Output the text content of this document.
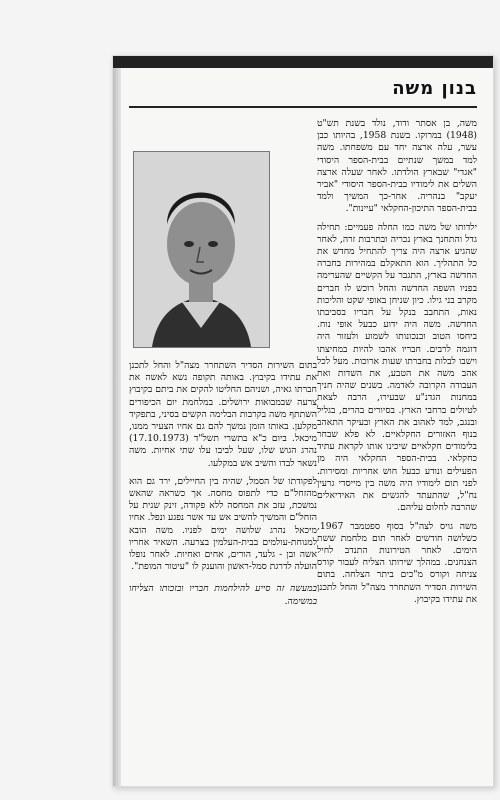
בנון משה

משה, בן אסתר ודוד, נולד בשנת תש"ט (1948) במרוקו. בשנת 1958, בהיותו כבן עשר, עלה ארצה יחד עם משפחתו. משה למד במשך שנתיים בבית-הספר היסודי "אגדי" שבארץ הולדתו. לאחר שעלה ארצה השלים את לימודיו בבית-הספר היסודי "אביר יעקב" בנהריה. אחר-כך המשיך ולמד בבית-הספר התיכון-החקלאי "עיינות".

ילדותו של משה כמו החלה פעמיים: תחילה גדל והתחנך בארץ נכריה ובתרבות זרה, לאחר שהגיע ארצה היה צריך להתחיל מחדש את כל התהליך. הוא התאקלם במהירות בחברה החדשה בארץ, התגבר על הקשיים שהערימה בפניו השפה החדשה והחל רוכש לו חברים מקרב בני גילו. כיון שניחן באופי שקט והליכות נאות, התחבב בנקל על חבריו בסביבתו החדשה. משה היה ידוע כבעל אופי נוח. ביחסו הטוב ובנכונותו לשמוע ולעזור היה דוגמה לרבים. חבריו אהבו להיות במחיצתו וישבו לבלות בחברתו שעות ארוכות. מעל לכל אהב משה את הטבע, את השדות ואת העבודה הקרובה לאדמה. בשנים שהיה חניך במחנות הגדנ"ע שבעירו, הרבה לצאת לטיולים ברחבי הארץ. בסיורים בהרים, בגליל ובנגב, למד לאהוב את הארץ ובעיקר התאהב בנוף האזורים החקלאיים. לא פלא שבחר בלימודים חקלאיים שיכינו אותו לקראת עתיד כחקלאי. בבית-הספר החקלאי היה מן הפעילים ונודע כבעל חוש אחריות ומסירות. לפני תום לימודיו היה משה בין מייסדי גרעין נח"ל, שהתעתד להגשים את האידיאלים שהרבה לחלום עליהם.

משה גויס לצה"ל בסוף ספטמבר 1967, כשלושה חודשים לאחר תום מלחמת ששת הימים. לאחר הטירונות התנדב לחיל הצנחנים. במהלך שירותו הצליח לעבור קורס צניחה וקורס מ"כים ביתר הצלחה. בתום השירות הסדיר השתחרר מצה"ל והחל לתכנן את עתידו בקיבוץ.

בתום השירות הסדיר השתחרר מצה"ל והחל לתכנן את עתידו בקיבוץ. באותה תקופה נשא לאשה את חברתו גאיה, ושניהם החליטו להקים את ביתם בקיבוץ צרעה שבמבואות ירושלים. במלחמת יום הכיפורים השתתף משה בקרבות הבלימה הקשים בסיני, בתפקיד מקלען. באותו הזמן נמשך להם גם אחיו הצעיר ממנו, מיכאל. ביום כ"א בתשרי תשל"ד (17.10.1973) נהרג הגוש שלו, שעל לביבו עלו שתי אחיות. משה נשאר לבדו והשיב אש במקלעו.

לפקודתו של הסמל, שהיה בין החיילים, ירד גם הוא מהזחל"ם כדי לתפוס מחסה. אך כשראה שהאש נמשכת, עזב את המחסה ללא פקודה, זינק שנית על הזחל"ם והמשיך להשיב אש עד אשר נפגע ונפל. אחיו מיכאל נהרג שלושה ימים לפניו. משה הובא למנוחת-עולמים בבית-העלמין בצרעה. השאיר אחריו אשה ובן - גלעד, הורים, אחים ואחיות. לאחר נופלו הועלה לדרגת סמל-ראשון והוענק לו "עיטור המופת".

במעשה זה סייע להילחמות חבריו ובזכותו הצליחו במשימה.
